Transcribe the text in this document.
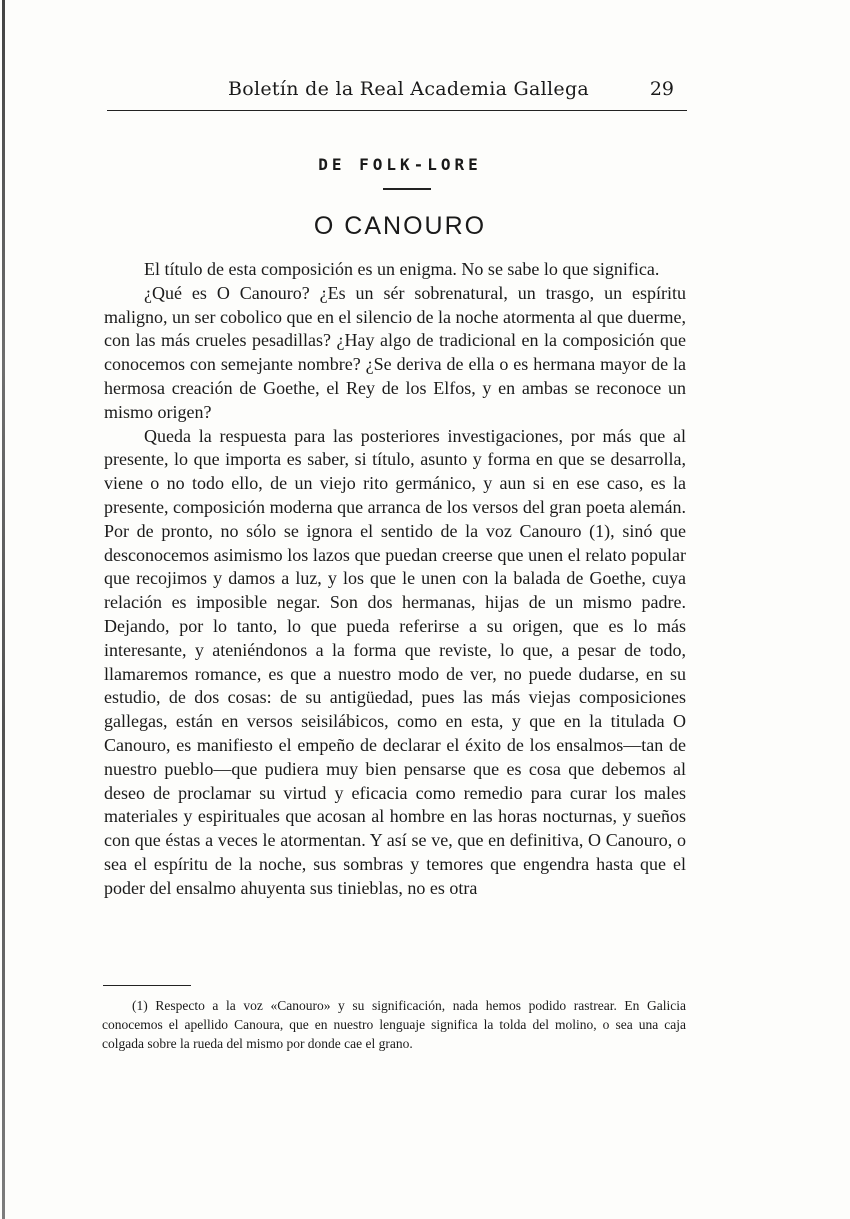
Boletín de la Real Academia Gallega	29
DE FOLK-LORE
O CANOURO

El título de esta composición es un enigma. No se sabe lo que significa.

¿Qué es O Canouro? ¿Es un sér sobrenatural, un trasgo, un espíritu maligno, un ser cobolico que en el silencio de la noche atormenta al que duerme, con las más crueles pesadillas? ¿Hay algo de tradicional en la composición que conocemos con semejante nombre? ¿Se deriva de ella o es hermana mayor de la hermosa creación de Goethe, el Rey de los Elfos, y en ambas se reconoce un mismo origen?

Queda la respuesta para las posteriores investigaciones, por más que al presente, lo que importa es saber, si título, asunto y forma en que se desarrolla, viene o no todo ello, de un viejo rito germánico, y aun si en ese caso, es la presente, composición moderna que arranca de los versos del gran poeta alemán. Por de pronto, no sólo se ignora el sentido de la voz Canouro (1), sinó que desconocemos asimismo los lazos que puedan creerse que unen el relato popular que recojimos y damos a luz, y los que le unen con la balada de Goethe, cuya relación es imposible negar. Son dos hermanas, hijas de un mismo padre. Dejando, por lo tanto, lo que pueda referirse a su origen, que es lo más interesante, y ateniéndonos a la forma que reviste, lo que, a pesar de todo, llamaremos romance, es que a nuestro modo de ver, no puede dudarse, en su estudio, de dos cosas: de su antigüedad, pues las más viejas composiciones gallegas, están en versos seisilábicos, como en esta, y que en la titulada O Canouro, es manifiesto el empeño de declarar el éxito de los ensalmos—tan de nuestro pueblo—que pudiera muy bien pensarse que es cosa que debemos al deseo de proclamar su virtud y eficacia como remedio para curar los males materiales y espirituales que acosan al hombre en las horas nocturnas, y sueños con que éstas a veces le atormentan. Y así se ve, que en definitiva, O Canouro, o sea el espíritu de la noche, sus sombras y temores que engendra hasta que el poder del ensalmo ahuyenta sus tinieblas, no es otra

(1) Respecto a la voz «Canouro» y su significación, nada hemos podido rastrear. En Galicia conocemos el apellido Canoura, que en nuestro lenguaje significa la tolda del molino, o sea una caja colgada sobre la rueda del mismo por donde cae el grano.
